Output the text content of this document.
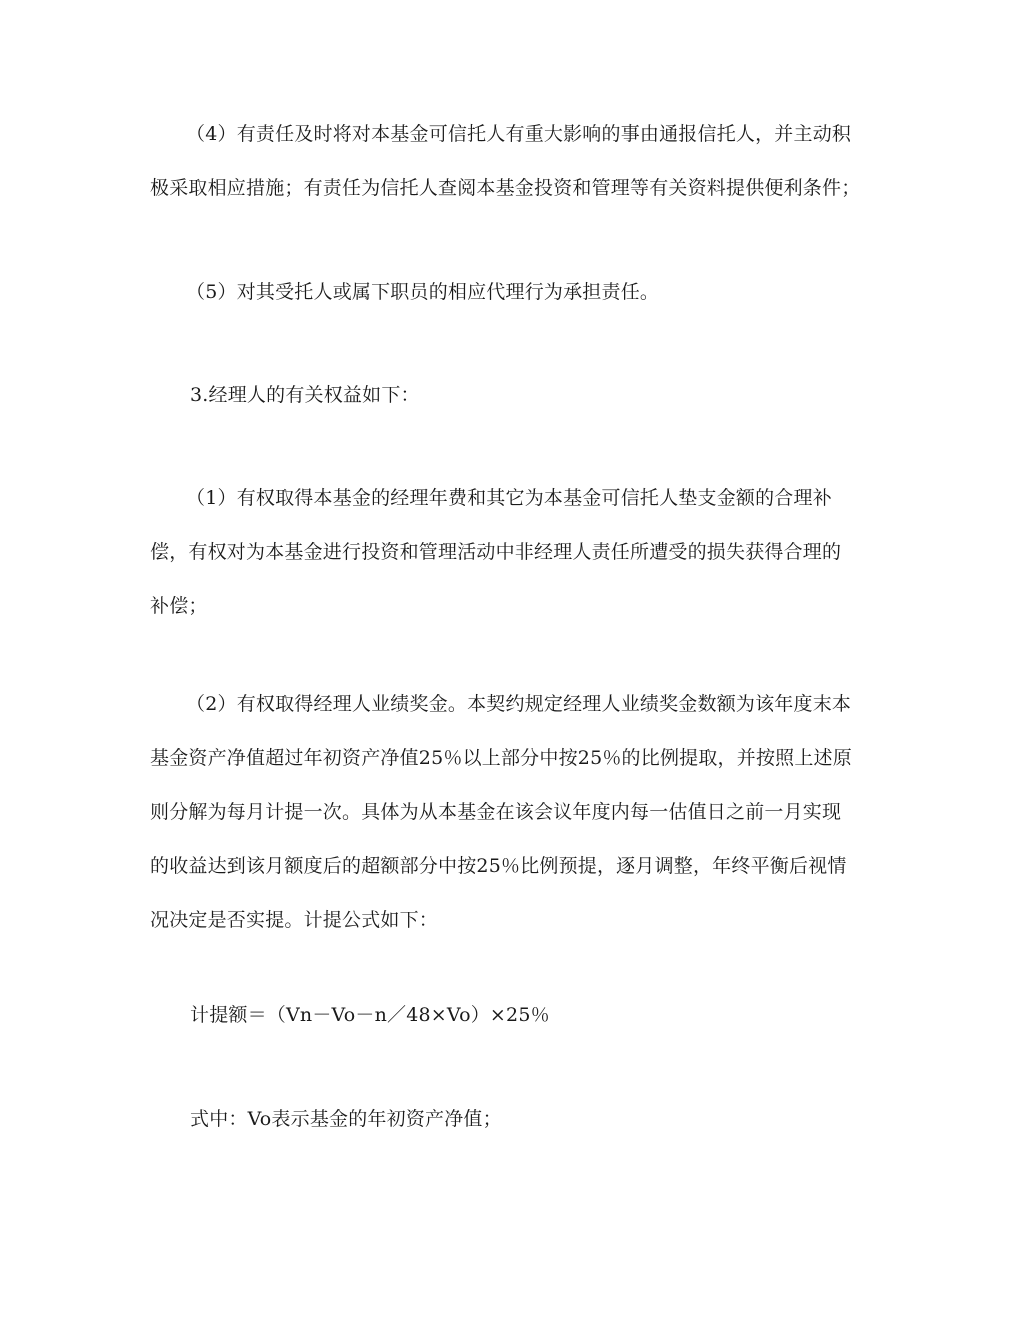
（4）有责任及时将对本基金可信托人有重大影响的事由通报信托人，并主动积
极采取相应措施；有责任为信托人查阅本基金投资和管理等有关资料提供便利条件；
（5）对其受托人或属下职员的相应代理行为承担责任。
3.经理人的有关权益如下：
（1）有权取得本基金的经理年费和其它为本基金可信托人垫支金额的合理补
偿，有权对为本基金进行投资和管理活动中非经理人责任所遭受的损失获得合理的
补偿；
（2）有权取得经理人业绩奖金。本契约规定经理人业绩奖金数额为该年度末本
基金资产净值超过年初资产净值25％以上部分中按25％的比例提取，并按照上述原
则分解为每月计提一次。具体为从本基金在该会议年度内每一估值日之前一月实现
的收益达到该月额度后的超额部分中按25％比例预提，逐月调整，年终平衡后视情
况决定是否实提。计提公式如下：
计提额＝（Vn－Vo－n／48×Vo）×25％
式中：Vo表示基金的年初资产净值；
